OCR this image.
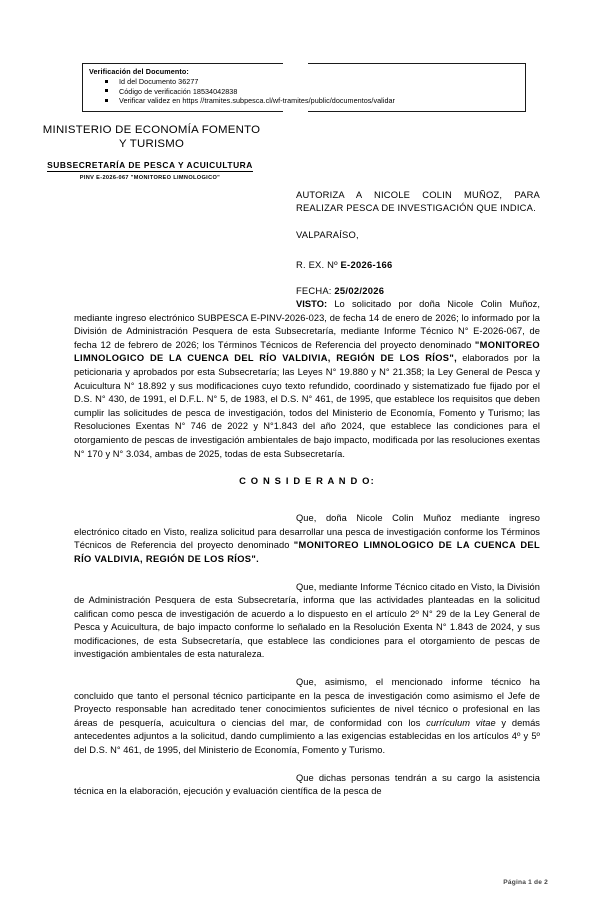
Verificación del Documento:
Id del Documento 36277
Código de verificación 18534042838
Verificar validez en https //tramites.subpesca.cl/wf-tramites/public/documentos/validar
MINISTERIO DE ECONOMÍA FOMENTO
Y TURISMO
SUBSECRETARÍA DE PESCA Y ACUICULTURA
PINV E-2026-067 "MONITOREO LIMNOLOGICO"
AUTORIZA A NICOLE COLIN MUÑOZ, PARA REALIZAR PESCA DE INVESTIGACIÓN QUE INDICA.
VALPARAÍSO,
R. EX. Nº E-2026-166
FECHA: 25/02/2026

VISTO: Lo solicitado por doña Nicole Colin Muñoz, mediante ingreso electrónico SUBPESCA E-PINV-2026-023, de fecha 14 de enero de 2026; lo informado por la División de Administración Pesquera de esta Subsecretaría, mediante Informe Técnico N° E-2026-067, de fecha 12 de febrero de 2026; los Términos Técnicos de Referencia del proyecto denominado "MONITOREO LIMNOLOGICO DE LA CUENCA DEL RÍO VALDIVIA, REGIÓN DE LOS RÍOS", elaborados por la peticionaria y aprobados por esta Subsecretaría; las Leyes N° 19.880 y N° 21.358; la Ley General de Pesca y Acuicultura N° 18.892 y sus modificaciones cuyo texto refundido, coordinado y sistematizado fue fijado por el D.S. N° 430, de 1991, el D.F.L. N° 5, de 1983, el D.S. N° 461, de 1995, que establece los requisitos que deben cumplir las solicitudes de pesca de investigación, todos del Ministerio de Economía, Fomento y Turismo; las Resoluciones Exentas N° 746 de 2022 y N°1.843 del año 2024, que establece las condiciones para el otorgamiento de pescas de investigación ambientales de bajo impacto, modificada por las resoluciones exentas N° 170 y N° 3.034, ambas de 2025, todas de esta Subsecretaría.

C O N S I D E R A N D O:

Que, doña Nicole Colin Muñoz mediante ingreso electrónico citado en Visto, realiza solicitud para desarrollar una pesca de investigación conforme los Términos Técnicos de Referencia del proyecto denominado "MONITOREO LIMNOLOGICO DE LA CUENCA DEL RÍO VALDIVIA, REGIÓN DE LOS RÍOS".

Que, mediante Informe Técnico citado en Visto, la División de Administración Pesquera de esta Subsecretaría, informa que las actividades planteadas en la solicitud califican como pesca de investigación de acuerdo a lo dispuesto en el artículo 2º N° 29 de la Ley General de Pesca y Acuicultura, de bajo impacto conforme lo señalado en la Resolución Exenta N° 1.843 de 2024, y sus modificaciones, de esta Subsecretaría, que establece las condiciones para el otorgamiento de pescas de investigación ambientales de esta naturaleza.

Que, asimismo, el mencionado informe técnico ha concluido que tanto el personal técnico participante en la pesca de investigación como asimismo el Jefe de Proyecto responsable han acreditado tener conocimientos suficientes de nivel técnico o profesional en las áreas de pesquería, acuicultura o ciencias del mar, de conformidad con los currículum vitae y demás antecedentes adjuntos a la solicitud, dando cumplimiento a las exigencias establecidas en los artículos 4º y 5º del D.S. N° 461, de 1995, del Ministerio de Economía, Fomento y Turismo.

Que dichas personas tendrán a su cargo la asistencia técnica en la elaboración, ejecución y evaluación científica de la pesca de

Página 1 de 2
